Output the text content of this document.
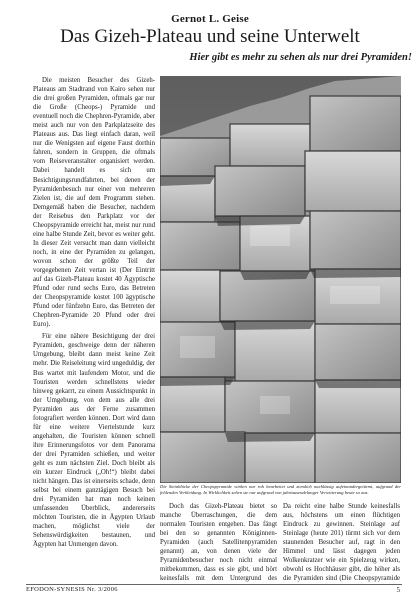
Gernot L. Geise
Das Gizeh-Plateau und seine Unterwelt
Hier gibt es mehr zu sehen als nur drei Pyramiden!

Die meisten Besucher des Gizeh-Plateaus am Stadtrand von Kairo sehen nur die drei großen Pyramiden, oftmals gar nur die Große (Cheops-) Pyramide und eventuell noch die Chephren-Pyramide, aber meist auch nur von den Parkplatzseite des Plateaus aus. Das liegt einfach daran, weil nur die Wenigsten auf eigene Faust dorthin fahren, sondern in Gruppen, die oftmals vom Reiseveranstalter organisiert werden. Dabei handelt es sich um Besichtigungsrundfahrten, bei denen der Pyramidenbesuch nur einer von mehreren Zielen ist, die auf dem Programm stehen. Demgemäß haben die Besucher, nachdem der Reisebus den Parkplatz vor der Cheopspyramide erreicht hat, meist nur rund eine halbe Stunde Zeit, bevor es weiter geht. In dieser Zeit versucht man dann vielleicht noch, in eine der Pyramiden zu gelangen, wovon schon der größte Teil der vorgegebenen Zeit vertan ist (Der Eintritt auf das Gizeh-Plateau kostet 40 Ägyptische Pfund oder rund sechs Euro, das Betreten der Cheopspyramide kostet 100 ägyptische Pfund oder fünfzehn Euro, das Betreten der Chephren-Pyramide 20 Pfund oder drei Euro).

Für eine nähere Besichtigung der drei Pyramiden, geschweige denn der näheren Umgebung, bleibt dann meist keine Zeit mehr. Die Reiseleitung wird ungeduldig, der Bus wartet mit laufendem Motor, und die Touristen werden schnellstens wieder hinweg gekarrt, zu einem Aussichtspunkt in der Umgebung, von dem aus alle drei Pyramiden aus der Ferne zusammen fotografiert werden können. Dort wird dann für eine weitere Viertelstunde kurz angehalten, die Touristen können schnell ihre Erinnerungsfotos vor dem Panorama der drei Pyramiden schießen, und weiter geht es zum nächsten Ziel. Doch bleibt als ein kurzer Eindruck („Oh!“) bleibt dabei nicht hängen. Das ist einerseits schade, denn selbst bei einem ganztägigen Besuch bei drei Pyramiden hat man noch keinen umfassenden Überblick, andererseits möchten Touristen, die in Ägypten Urlaub machen, möglichst viele der Sehenswürdigkeiten bestaunen, und Ägypten hat Unmengen davon.

Die Steinblöcke der Cheopspyramide wirken nur roh bearbeitet und ziemlich nachlässig aufeinandergetürmt, aufgrund der fehlenden Verkleidung. In Wirklichkeit sehen sie nur aufgrund von jahrtausendelanger Verwitterung heute so aus.

Doch das Gizeh-Plateau bietet so manche Überraschungen, die dem normalen Touristen entgehen. Das fängt bei den so genannten Königinnen-Pyramiden (auch Satellitenpyramiden genannt) an, von denen viele der Pyramidenbesucher noch nicht einmal mitbekommen, dass es sie gibt, und hört keinesfalls mit dem Untergrund des

Da reicht eine halbe Stunde keinesfalls aus, höchstens um einen flüchtigen Eindruck zu gewinnen. Steinlage auf Steinlage (heute 201) türmt sich vor dem staunenden Besucher auf, ragt in den Himmel und lässt dagegen jeden Wolkenkratzer wie ein Spielzeug wirken, obwohl es Hochhäuser gibt, die höher als die Pyramiden sind (Die Cheopspyramide

EFODON-SYNESIS Nr. 3/2006	5
